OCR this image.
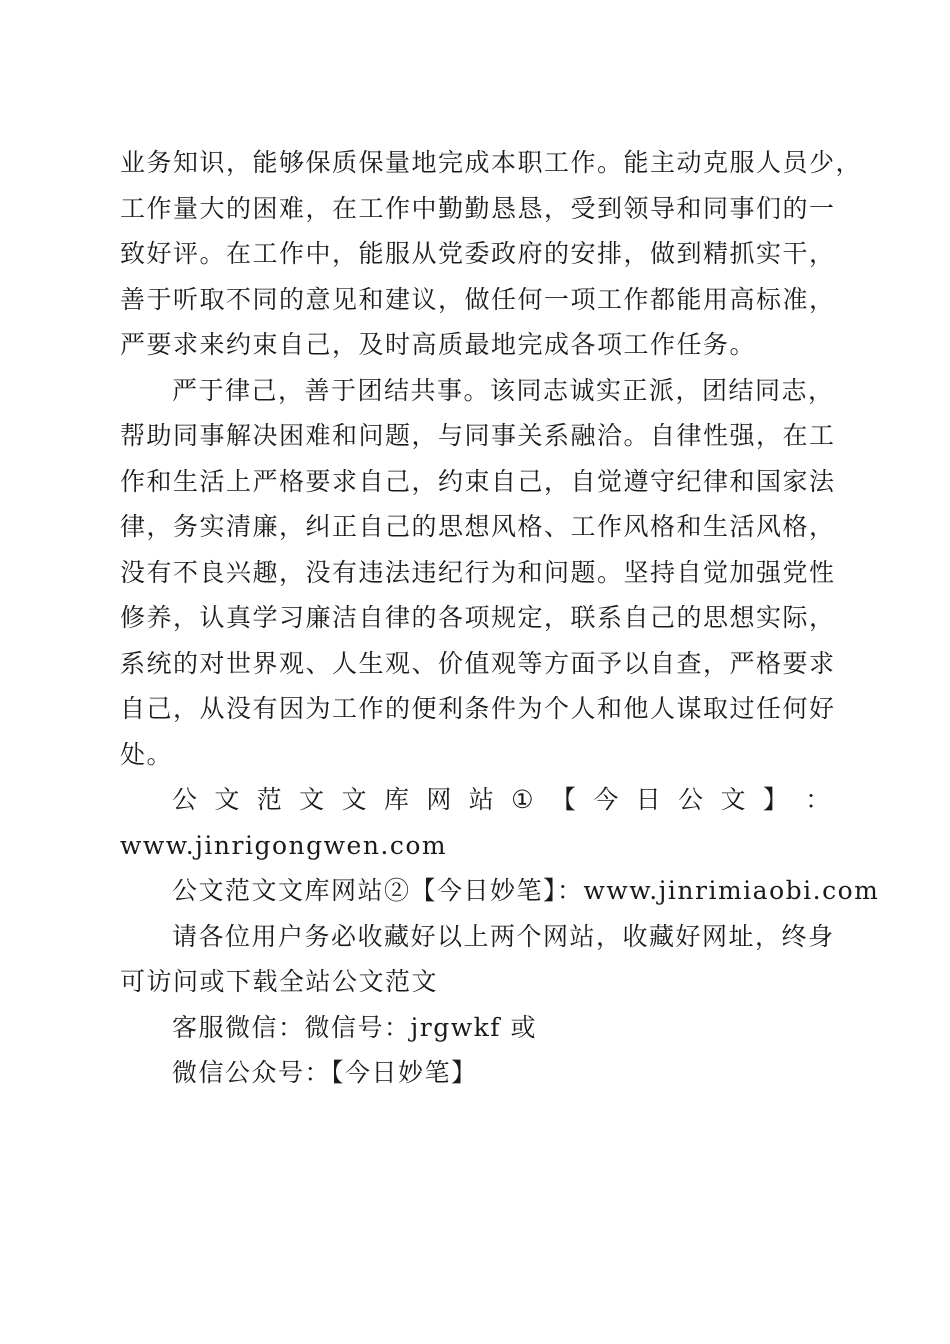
业务知识，能够保质保量地完成本职工作。能主动克服人员少，
工作量大的困难，在工作中勤勤恳恳，受到领导和同事们的一
致好评。在工作中，能服从党委政府的安排，做到精抓实干，
善于听取不同的意见和建议，做任何一项工作都能用高标准，
严要求来约束自己，及时高质最地完成各项工作任务。
严于律己，善于团结共事。该同志诚实正派，团结同志，
帮助同事解决困难和问题，与同事关系融洽。自律性强，在工
作和生活上严格要求自己，约束自己，自觉遵守纪律和国家法
律，务实清廉，纠正自己的思想风格、工作风格和生活风格，
没有不良兴趣，没有违法违纪行为和问题。坚持自觉加强党性
修养，认真学习廉洁自律的各项规定，联系自己的思想实际，
系统的对世界观、人生观、价值观等方面予以自查，严格要求
自己，从没有因为工作的便利条件为个人和他人谋取过任何好
处。
公 文 范 文 文 库 网 站 ① 【 今 日 公 文 】 ：
www.jinrigongwen.com
公文范文文库网站②【今日妙笔】：www.jinrimiaobi.com
请各位用户务必收藏好以上两个网站，收藏好网址，终身
可访问或下载全站公文范文
客服微信：微信号：jrgwkf 或
微信公众号：【今日妙笔】
